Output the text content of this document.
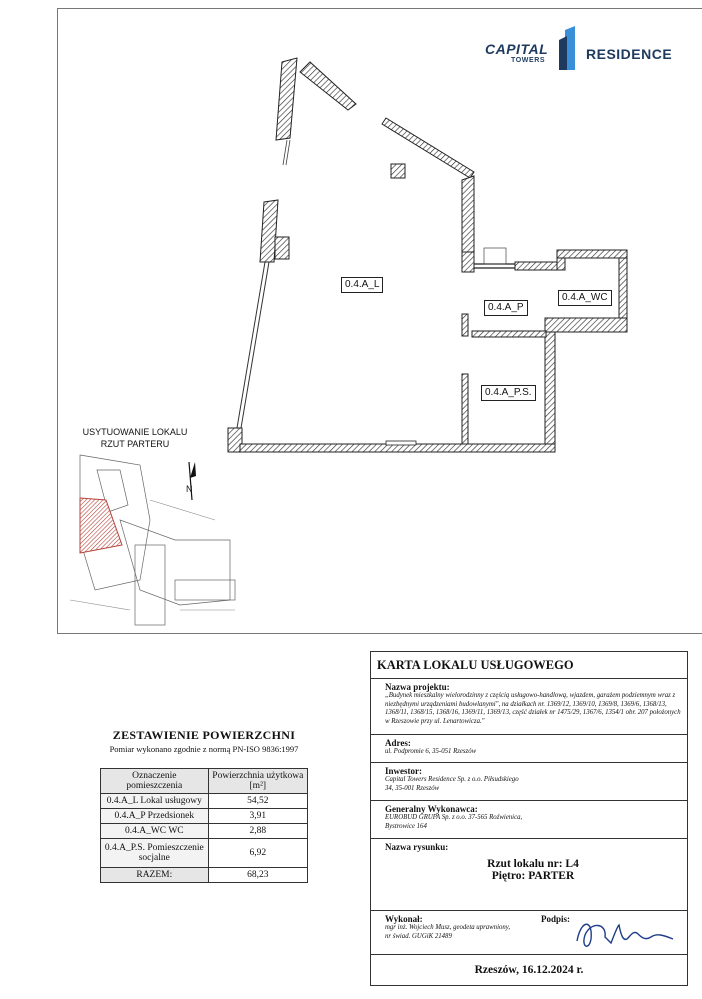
0.4.A_L
0.4.A_P
0.4.A_WC
0.4.A_P.S.
USYTUOWANIE LOKALU
RZUT PARTERU
N
CAPITAL
TOWERS	RESIDENCE
ZESTAWIENIE POWIERZCHNI
Pomiar wykonano zgodnie z normą PN-ISO 9836:1997
Oznaczenie pomieszczenia	Powierzchnia użytkowa [m²]
0.4.A_L Lokal usługowy	54,52
0.4.A_P Przedsionek	3,91
0.4.A_WC WC	2,88
0.4.A_P.S. Pomieszczenie socjalne	6,92
RAZEM:	68,23
KARTA LOKALU USŁUGOWEGO
Nazwa projektu:
„Budynek mieszkalny wielorodzinny z częścią usługowo-handlową, wjazdem, garażem podziemnym wraz z niezbędnymi urządzeniami budowlanymi", na działkach nr. 1369/12, 1369/10, 1369/8, 1369/6, 1368/13, 1368/11, 1368/15, 1368/16, 1369/11, 1369/13, część działek nr 1475/29, 1367/6, 1354/1 obr. 207 położonych w Rzeszowie przy ul. Lenartowicza."
Adres:
ul. Podpromie 6, 35-051 Rzeszów
Inwestor:
Capital Towers Residence Sp. z o.o. Piłsudskiego 34, 35-001 Rzeszów
Generalny Wykonawca:
EUROBUD GRUPA Sp. z o.o. 37-565 Roźwienica, Bystrowice 164
Nazwa rysunku:
Rzut lokalu nr: L4
Piętro: PARTER
Wykonał:
mgr inż. Wojciech Musz, geodeta uprawniony, nr świad. GUGiK 21489
Podpis:
Rzeszów, 16.12.2024 r.
